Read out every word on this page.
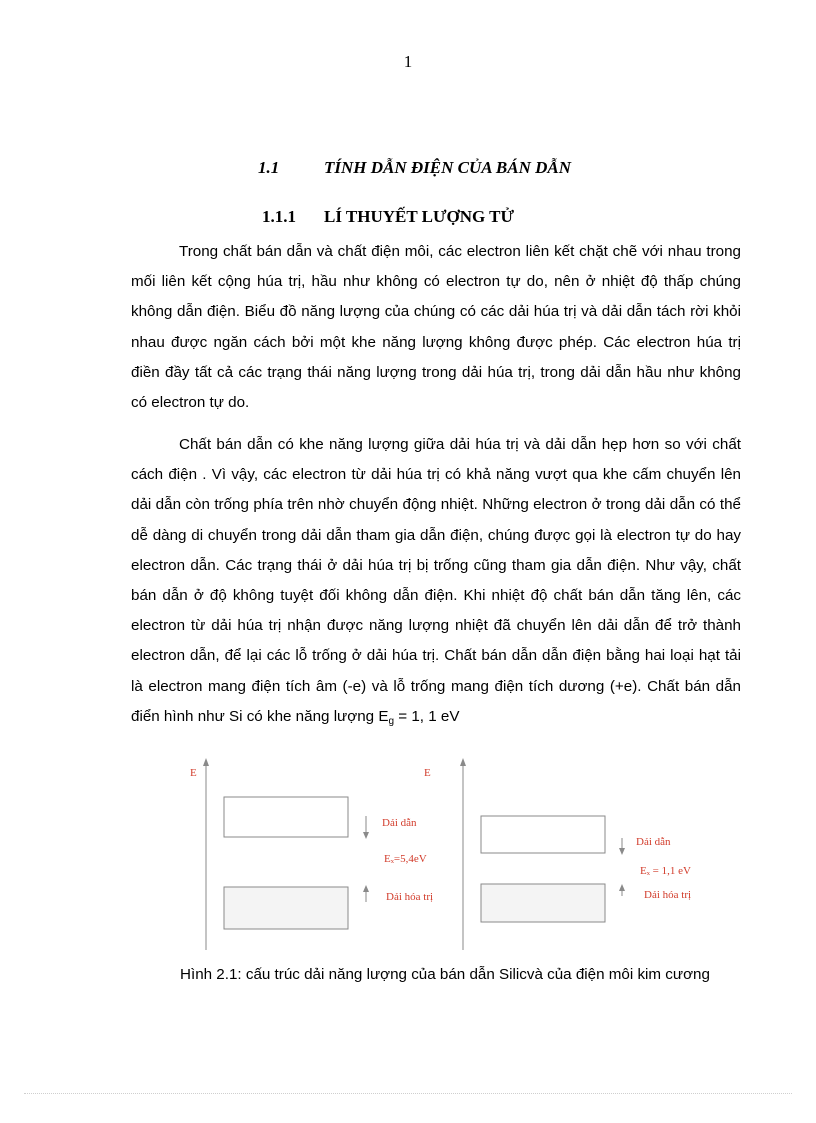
1
1.1	TÍNH DẪN ĐIỆN CỦA BÁN DẪN
1.1.1 LÍ THUYẾT LƯỢNG TỬ

Trong chất bán dẫn và chất điện môi, các electron liên kết chặt chẽ với nhau trong mối liên kết cộng húa trị, hầu như không có electron tự do, nên ở nhiệt độ thấp chúng không dẫn điện. Biểu đồ năng lượng của chúng có các dải húa trị và dải dẫn tách rời khỏi nhau được ngăn cách bởi một khe năng lượng không được phép. Các electron húa trị điền đầy tất cả các trạng thái năng lượng trong dải húa trị, trong dải dẫn hầu như không có electron tự do.

Chất bán dẫn có khe năng lượng giữa dải húa trị và dải dẫn hẹp hơn so với chất cách điện . Vì vậy, các electron từ dải húa trị có khả năng vượt qua khe cấm chuyển lên dải dẫn còn trống phía trên nhờ chuyển động nhiệt. Những electron ở trong dải dẫn có thể dễ dàng di chuyển trong dải dẫn tham gia dẫn điện, chúng được gọi là electron tự do hay electron dẫn. Các trạng thái ở dải húa trị bị trống cũng tham gia dẫn điện. Như vậy, chất bán dẫn ở độ không tuyệt đối không dẫn điện. Khi nhiệt độ chất bán dẫn tăng lên, các electron từ dải húa trị nhận được năng lượng nhiệt đã chuyển lên dải dẫn để trở thành electron dẫn, để lại các lỗ trống ở dải húa trị. Chất bán dẫn dẫn điện bằng hai loại hạt tải là electron mang điện tích âm (-e) và lỗ trống mang điện tích dương (+e). Chất bán dẫn điển hình như Si có khe năng lượng $E_g = 1$, 1 eV

E
Dải dẫn
Eₓ=5,4eV
Dải hóa trị
E
Dải dẫn
Eₓ = 1,1 eV
Dải hóa trị
Hình 2.1: cấu trúc dải năng lượng của bán dẫn Silicvà của điện môi kim cương
